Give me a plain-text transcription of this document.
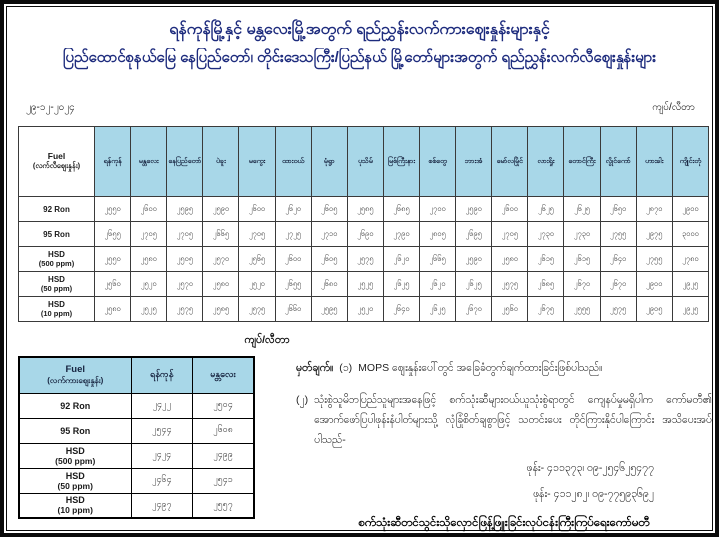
ရန်ကုန်မြို့နှင့် မန္တလေးမြို့အတွက် ရည်ညွှန်းလက်ကားဈေးနှုန်းများနှင့်
ပြည်ထောင်စုနယ်မြေ နေပြည်တော်၊ တိုင်းဒေသကြီး/ပြည်နယ် မြို့တော်များအတွက် ရည်ညွှန်းလက်လီဈေးနှုန်းများ
၂၉-၁၂-၂၀၂၄	ကျပ်/လီတာ
Fuel
(လက်လီဈေးနှုန်း)	ရန်ကုန်	မန္တလေး	နေပြည်တော်	ပဲခူး	မကွေး	ထားဝယ်	မုံရွာ	ပုသိမ်	မြစ်ကြီးနား	စစ်တွေ	ဘားအံ	မော်လမြိုင်	လားရှိုး	တောင်ကြီး	လွိုင်ကော်	ဟားခါး	ကျိုင်းတုံ
92 Ron	၂၅၅၀	၂၆၀၀	၂၅၉၅	၂၅၉၀	၂၆၀၀	၂၆၂၀	၂၆၀၅	၂၅၈၅	၂၆၈၅	၂၇၀၀	၂၅၉၀	၂၆၀၀	၂၆၂၅	၂၆၂၅	၂၆၅၀	၂၈၇၀	၂၉၀၀
95 Ron	၂၆၅၅	၂၇၀၅	၂၇၀၅	၂၆၆၅	၂၇၀၅	၂၇၂၅	၂၇၁၀	၂၆၉၀	၂၇၉၀	၂၈၀၅	၂၆၉၅	၂၇၀၅	၂၇၃၀	၂၇၃၀	၂၇၅၅	၂၉၇၅	၃၀၀၀
HSD
(500 ppm)	၂၅၅၀	၂၅၈၀	၂၅၀၅	၂၅၇၀	၂၅၆၅	၂၆၀၀	၂၆၀၅	၂၅၇၅	၂၆၂၀	၂၆၆၅	၂၅၉၀	၂၅၈၀	၂၆၁၅	၂၆၁၅	၂၆၄၀	၂၇၅၅	၂၇၈၀
HSD
(50 ppm)	၂၅၆၀	၂၅၂၀	၂၅၇၀	၂၅၈၀	၂၅၂၀	၂၆၅၅	၂၆၈၀	၂၅၂၅	၂၆၂၅	၂၆၂၀	၂၆၂၅	၂၅၇၅	၂၆၈၅	၂၆၇၀	၂၆၇၀	၂၉၀၀	၂၉၂၅
HSD
(10 ppm)	၂၅၈၀	၂၅၂၅	၂၅၇၅	၂၅၈၅	၂၅၇၅	၂၆၆၀	၂၅၉၅	၂၅၂၀	၂၆၄၀	၂၆၂၅	၂၆၇၀	၂၅၆၀	၂၆၇၅	၂၅၅၅	၂၅၇၅	၂၉၀၅	၂၉၂၅
ကျပ်/လီတာ
Fuel
(လက်ကားဈေးနှုန်း)	ရန်ကုန်	မန္တလေး
92 Ron	၂၄၂၂	၂၅၀၄
95 Ron	၂၅၄၄	၂၆၀၈
HSD
(500 ppm)	၂၄၂၄	၂၄၉၉
HSD
(50 ppm)	၂၄၆၄	၂၅၄၁
HSD
(10 ppm)	၂၄၉၇	၂၅၅၇
မှတ်ချက်။ (၁) MOPS ဈေးနှုန်းပေါ်တွင် အခြေခံတွက်ချက်ထားခြင်းဖြစ်ပါသည်။
(၂) သုံးစွဲသူမိဘပြည်သူများအနေဖြင့် စက်သုံးဆီများဝယ်ယူသုံးစွဲရာတွင် ကျေနပ်မှုမရှိပါက ကော်မတီ၏ အောက်ဖော်ပြပါဖုန်းနံပါတ်များသို့ လုံခြုံစိတ်ချစွာဖြင့် သတင်းပေး တိုင်ကြားနိုင်ပါကြောင်း အသိပေးအပ်ပါသည်-
ဖုန်း- ၄၁၁၃၇၃၊ ၀၉-၂၅၄၆၂၅၄၇၇
ဖုန်း- ၄၁၁၂၈၂၊ ၀၉-၇၇၅၉၃၆၉၂
စက်သုံးဆီတင်သွင်းသိုလှောင်ဖြန့်ဖြူးခြင်းလုပ်ငန်းကြီးကြပ်ရေးကော်မတီ
